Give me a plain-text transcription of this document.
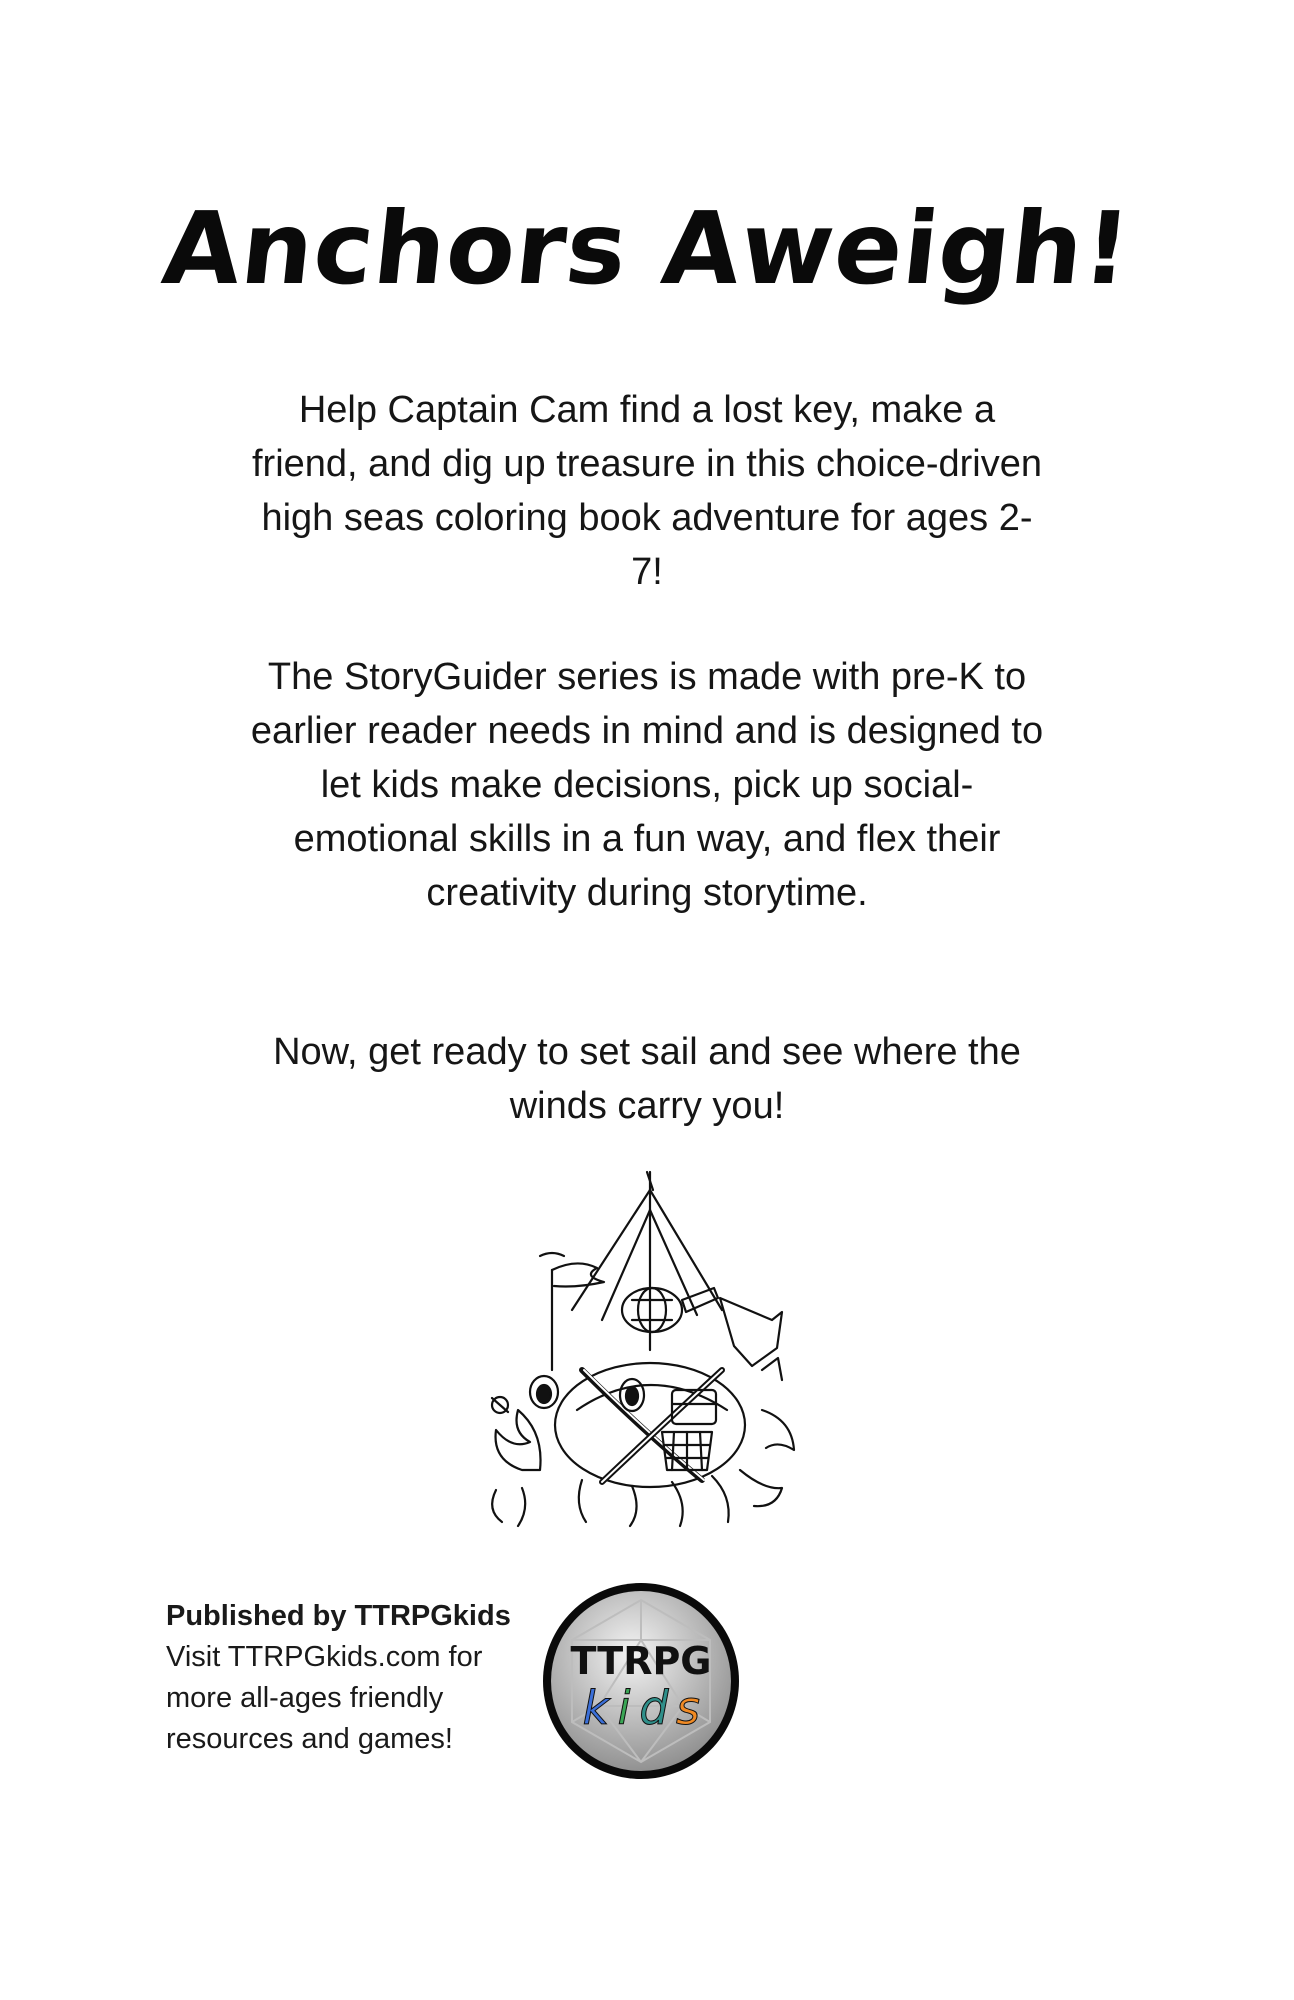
Anchors Aweigh!

Help Captain Cam find a lost key, make a friend, and dig up treasure in this choice-driven high seas coloring book adventure for ages 2-7!

The StoryGuider series is made with pre-K to earlier reader needs in mind and is designed to let kids make decisions, pick up social-emotional skills in a fun way, and flex their creativity during storytime.

Now, get ready to set sail and see where the winds carry you!

Published by TTRPGkids
Visit TTRPGkids.com for more all-ages friendly resources and games!
TTRPG
k i d s
